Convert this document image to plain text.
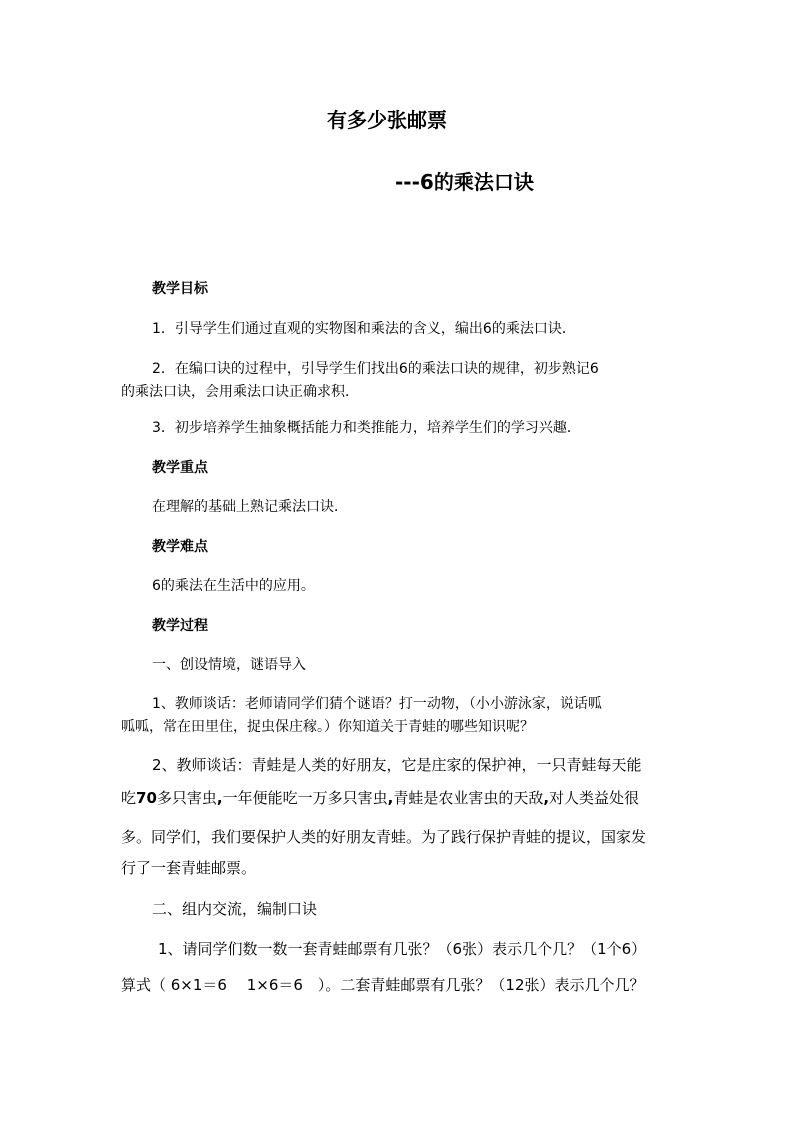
有多少张邮票
---6的乘法口诀
教学目标
1．引导学生们通过直观的实物图和乘法的含义，编出6的乘法口诀．
2．在编口诀的过程中，引导学生们找出6的乘法口诀的规律，初步熟记6
的乘法口诀，会用乘法口诀正确求积．
3．初步培养学生抽象概括能力和类推能力，培养学生们的学习兴趣．
教学重点
在理解的基础上熟记乘法口诀．
教学难点
6的乘法在生活中的应用。
教学过程
一、创设情境，谜语导入
1、教师谈话：老师请同学们猜个谜语？打一动物，（小小游泳家，说话呱
呱呱，常在田里住，捉虫保庄稼。）你知道关于青蛙的哪些知识呢？
2、教师谈话：青蛙是人类的好朋友，它是庄家的保护神，一只青蛙每天能
吃70多只害虫,一年便能吃一万多只害虫,青蛙是农业害虫的天敌,对人类益处很
多。同学们，我们要保护人类的好朋友青蛙。为了践行保护青蛙的提议，国家发
行了一套青蛙邮票。
二、组内交流，编制口诀
1、请同学们数一数一套青蛙邮票有几张？（6张）表示几个几？（1个6）
算式（ 6×1＝6　 1×6＝6　）。二套青蛙邮票有几张？（12张）表示几个几？
